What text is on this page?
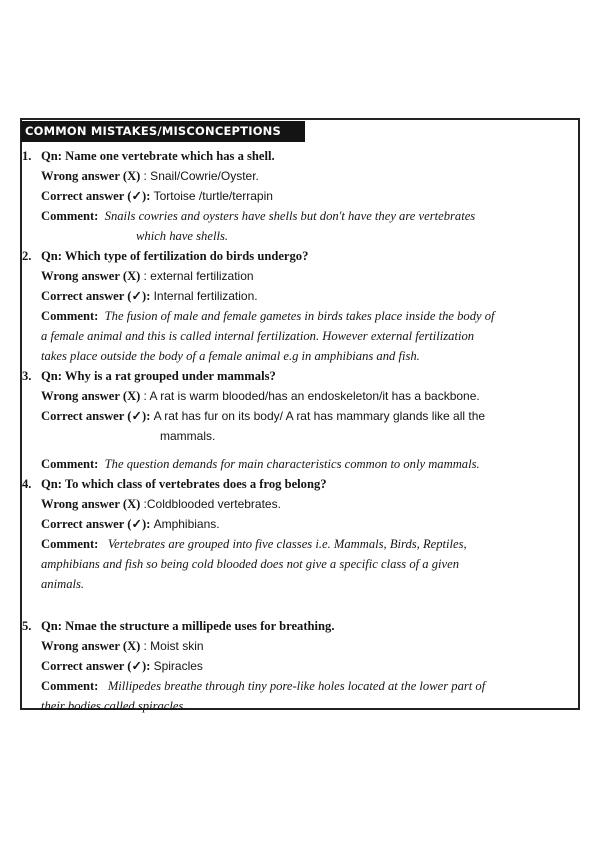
COMMON MISTAKES/MISCONCEPTIONS
1. Qn: Name one vertebrate which has a shell.
Wrong answer (X) : Snail/Cowrie/Oyster.
Correct answer (✓): Tortoise /turtle/terrapin
Comment: Snails cowries and oysters have shells but don't have they are vertebrates
which have shells.
2. Qn: Which type of fertilization do birds undergo?
Wrong answer (X) : external fertilization
Correct answer (✓): Internal fertilization.
Comment: The fusion of male and female gametes in birds takes place inside the body of
a female animal and this is called internal fertilization. However external fertilization
takes place outside the body of a female animal e.g in amphibians and fish.
3. Qn: Why is a rat grouped under mammals?
Wrong answer (X) : A rat is warm blooded/has an endoskeleton/it has a backbone.
Correct answer (✓): A rat has fur on its body/ A rat has mammary glands like all the
mammals.
Comment: The question demands for main characteristics common to only mammals.
4. Qn: To which class of vertebrates does a frog belong?
Wrong answer (X) :Coldblooded vertebrates.
Correct answer (✓): Amphibians.
Comment: Vertebrates are grouped into five classes i.e. Mammals, Birds, Reptiles,
amphibians and fish so being cold blooded does not give a specific class of a given
animals.
5. Qn: Nmae the structure a millipede uses for breathing.
Wrong answer (X) : Moist skin
Correct answer (✓): Spiracles
Comment: Millipedes breathe through tiny pore-like holes located at the lower part of
their bodies called spiracles.
